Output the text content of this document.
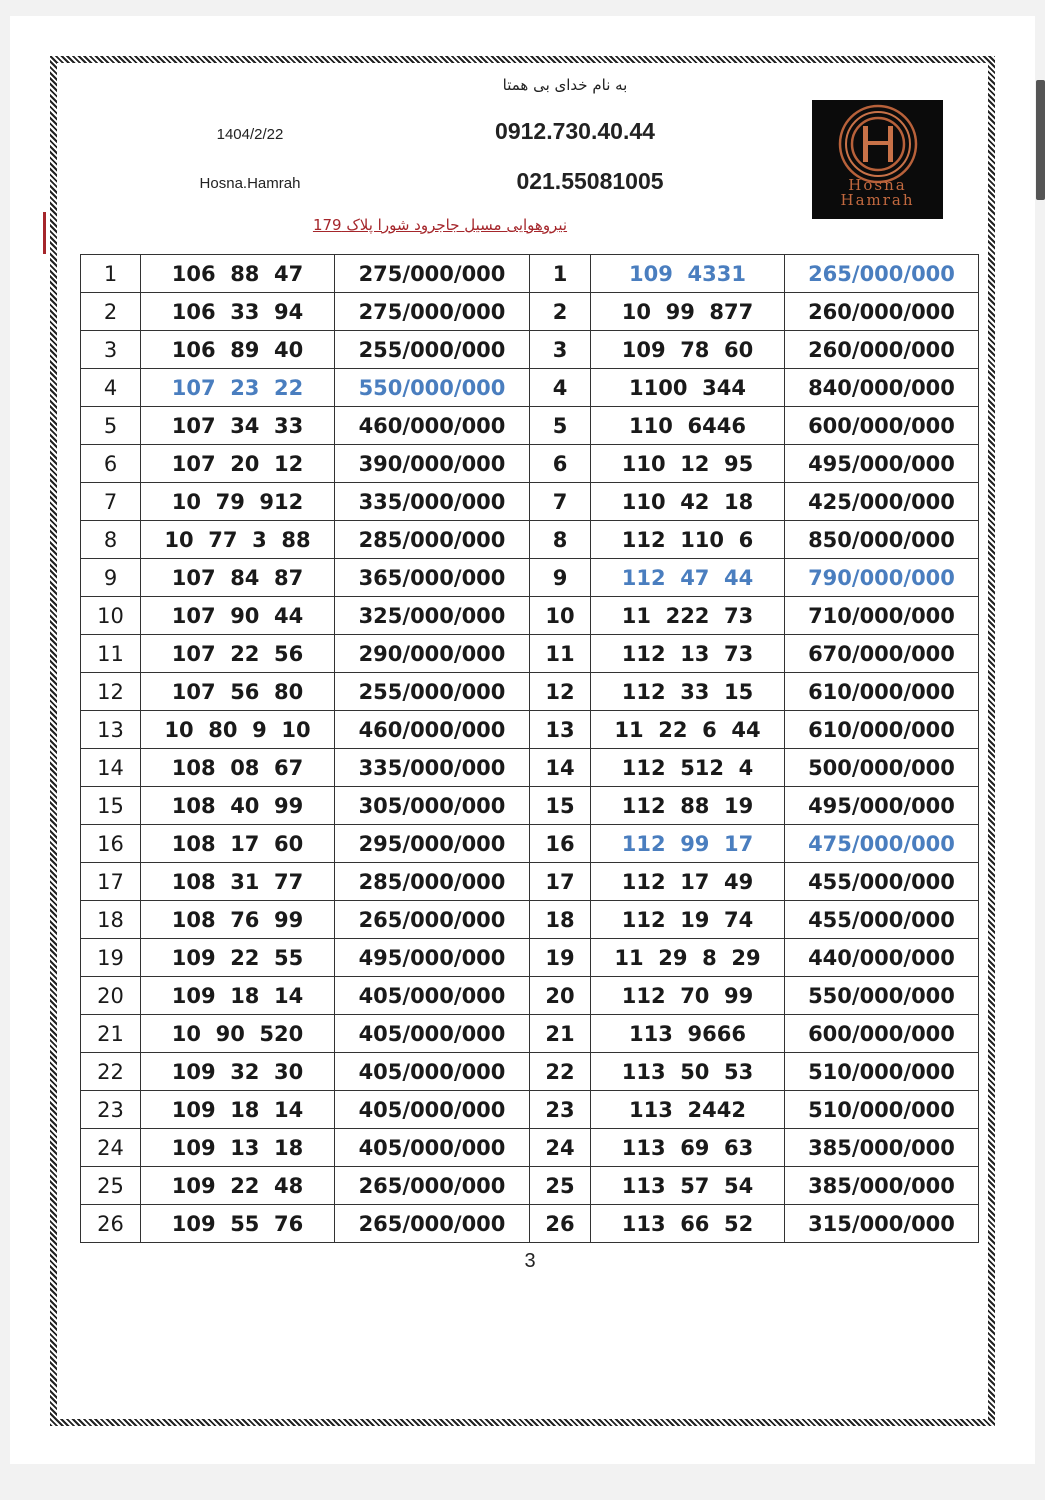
به نام خدای بی همتا
1404/2/22
Hosna.Hamrah
0912.730.40.44
021.55081005
نیروهوایی مسیل جاجرود شورا پلاک 179
Hosna
Hamrah
1	106  88  47	275/000/000	1	109  4331	265/000/000
2	106  33  94	275/000/000	2	10  99  877	260/000/000
3	106  89  40	255/000/000	3	109  78  60	260/000/000
4	107  23  22	550/000/000	4	1100  344	840/000/000
5	107  34  33	460/000/000	5	110  6446	600/000/000
6	107  20  12	390/000/000	6	110  12  95	495/000/000
7	10  79  912	335/000/000	7	110  42  18	425/000/000
8	10  77  3  88	285/000/000	8	112  110  6	850/000/000
9	107  84  87	365/000/000	9	112  47  44	790/000/000
10	107  90  44	325/000/000	10	11  222  73	710/000/000
11	107  22  56	290/000/000	11	112  13  73	670/000/000
12	107  56  80	255/000/000	12	112  33  15	610/000/000
13	10  80  9  10	460/000/000	13	11  22  6  44	610/000/000
14	108  08  67	335/000/000	14	112  512  4	500/000/000
15	108  40  99	305/000/000	15	112  88  19	495/000/000
16	108  17  60	295/000/000	16	112  99  17	475/000/000
17	108  31  77	285/000/000	17	112  17  49	455/000/000
18	108  76  99	265/000/000	18	112  19  74	455/000/000
19	109  22  55	495/000/000	19	11  29  8  29	440/000/000
20	109  18  14	405/000/000	20	112  70  99	550/000/000
21	10  90  520	405/000/000	21	113  9666	600/000/000
22	109  32  30	405/000/000	22	113  50  53	510/000/000
23	109  18  14	405/000/000	23	113  2442	510/000/000
24	109  13  18	405/000/000	24	113  69  63	385/000/000
25	109  22  48	265/000/000	25	113  57  54	385/000/000
26	109  55  76	265/000/000	26	113  66  52	315/000/000
3
